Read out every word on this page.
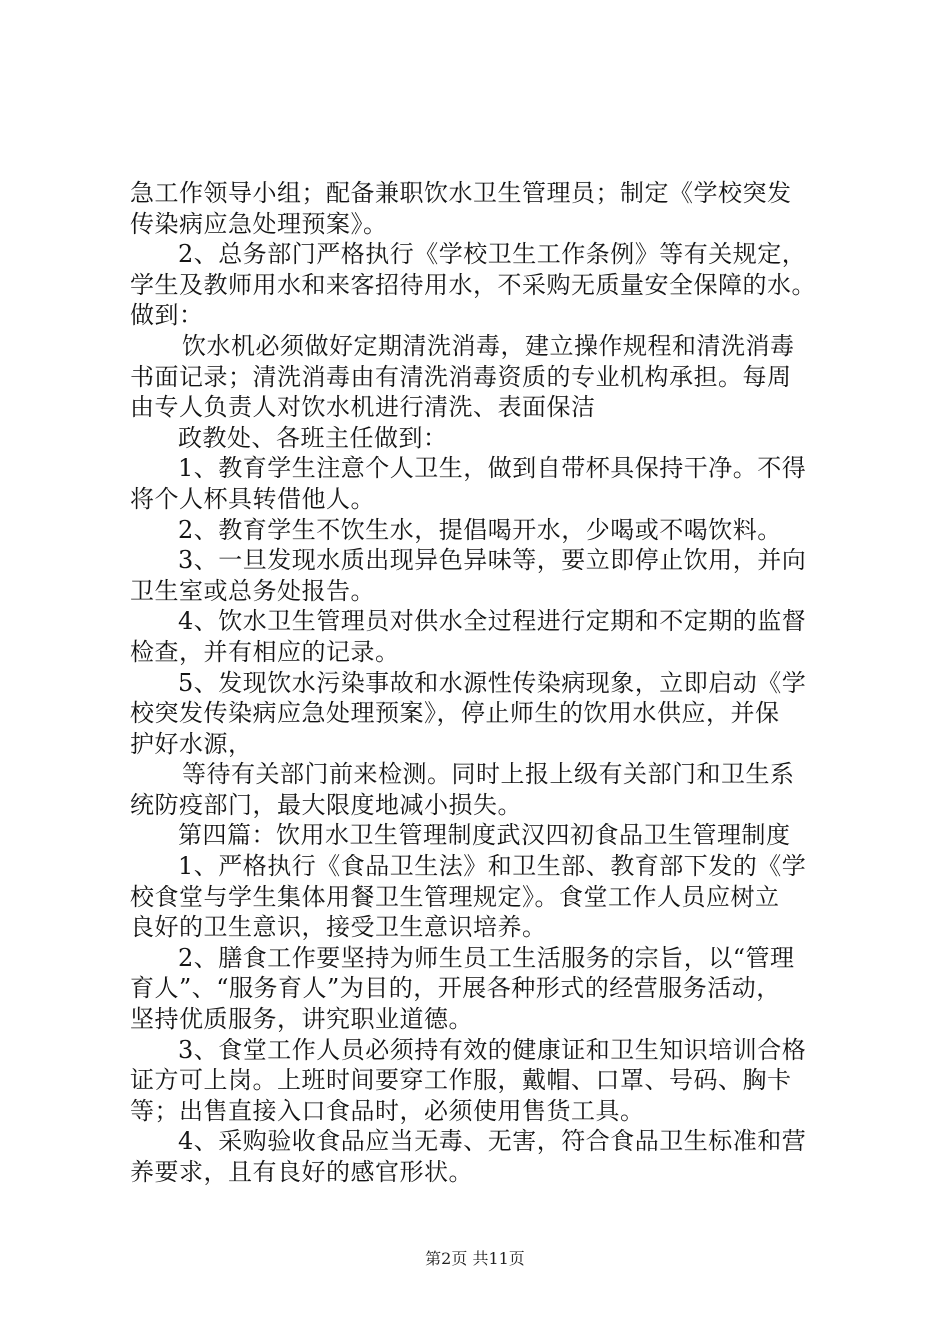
急工作领导小组；配备兼职饮水卫生管理员；制定《学校突发
传染病应急处理预案》。
2、总务部门严格执行《学校卫生工作条例》等有关规定，
学生及教师用水和来客招待用水，不采购无质量安全保障的水。
做到：
饮水机必须做好定期清洗消毒，建立操作规程和清洗消毒
书面记录；清洗消毒由有清洗消毒资质的专业机构承担。每周
由专人负责人对饮水机进行清洗、表面保洁
政教处、各班主任做到：
1、教育学生注意个人卫生，做到自带杯具保持干净。不得
将个人杯具转借他人。
2、教育学生不饮生水，提倡喝开水，少喝或不喝饮料。
3、一旦发现水质出现异色异味等，要立即停止饮用，并向
卫生室或总务处报告。
4、饮水卫生管理员对供水全过程进行定期和不定期的监督
检查，并有相应的记录。
5、发现饮水污染事故和水源性传染病现象，立即启动《学
校突发传染病应急处理预案》，停止师生的饮用水供应，并保
护好水源，
等待有关部门前来检测。同时上报上级有关部门和卫生系
统防疫部门，最大限度地减小损失。
第四篇：饮用水卫生管理制度武汉四初食品卫生管理制度
1、严格执行《食品卫生法》和卫生部、教育部下发的《学
校食堂与学生集体用餐卫生管理规定》。食堂工作人员应树立
良好的卫生意识，接受卫生意识培养。
2、膳食工作要坚持为师生员工生活服务的宗旨，以“管理
育人”、“服务育人”为目的，开展各种形式的经营服务活动，
坚持优质服务，讲究职业道德。
3、食堂工作人员必须持有效的健康证和卫生知识培训合格
证方可上岗。上班时间要穿工作服，戴帽、口罩、号码、胸卡
等；出售直接入口食品时，必须使用售货工具。
4、采购验收食品应当无毒、无害，符合食品卫生标准和营
养要求，且有良好的感官形状。
第2页 共11页
